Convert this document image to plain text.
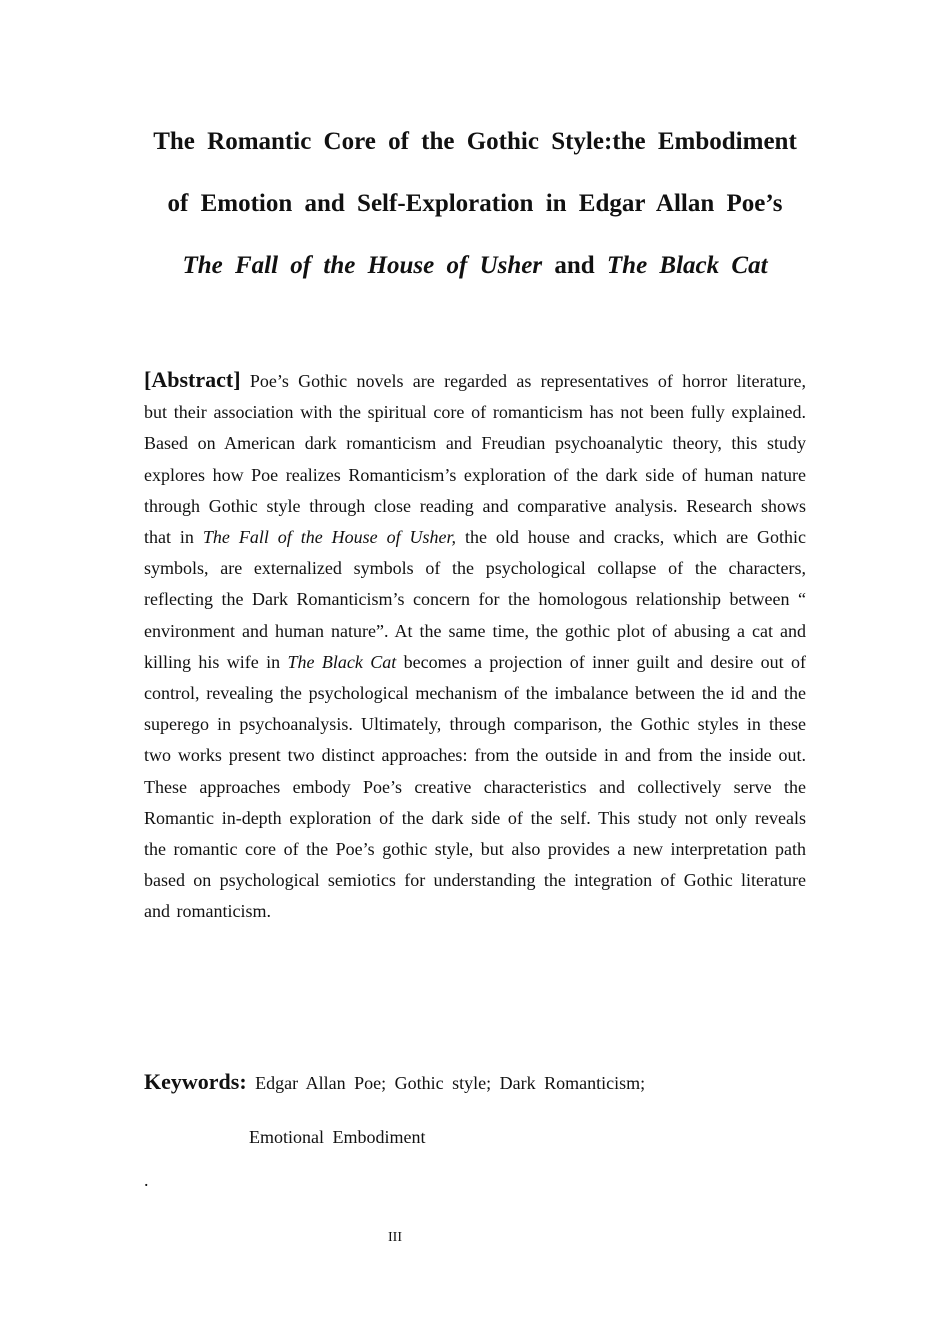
The Romantic Core of the Gothic Style:the Embodiment
of Emotion and Self-Exploration in Edgar Allan Poe’s
The Fall of the House of Usher and The Black Cat

[Abstract] Poe’s Gothic novels are regarded as representatives of horror literature, but their association with the spiritual core of romanticism has not been fully explained. Based on American dark romanticism and Freudian psychoanalytic theory, this study explores how Poe realizes Romanticism’s exploration of the dark side of human nature through Gothic style through close reading and comparative analysis. Research shows that in The Fall of the House of Usher, the old house and cracks, which are Gothic symbols, are externalized symbols of the psychological collapse of the characters, reflecting the Dark Romanticism’s concern for the homologous relationship between “ environment and human nature”. At the same time, the gothic plot of abusing a cat and killing his wife in The Black Cat becomes a projection of inner guilt and desire out of control, revealing the psychological mechanism of the imbalance between the id and the superego in psychoanalysis. Ultimately, through comparison, the Gothic styles in these two works present two distinct approaches: from the outside in and from the inside out. These approaches embody Poe’s creative characteristics and collectively serve the Romantic in-depth exploration of the dark side of the self. This study not only reveals the romantic core of the Poe’s gothic style, but also provides a new interpretation path based on psychological semiotics for understanding the integration of Gothic literature and romanticism.

Keywords: Edgar Allan Poe; Gothic style; Dark Romanticism;
Emotional Embodiment
.
III
